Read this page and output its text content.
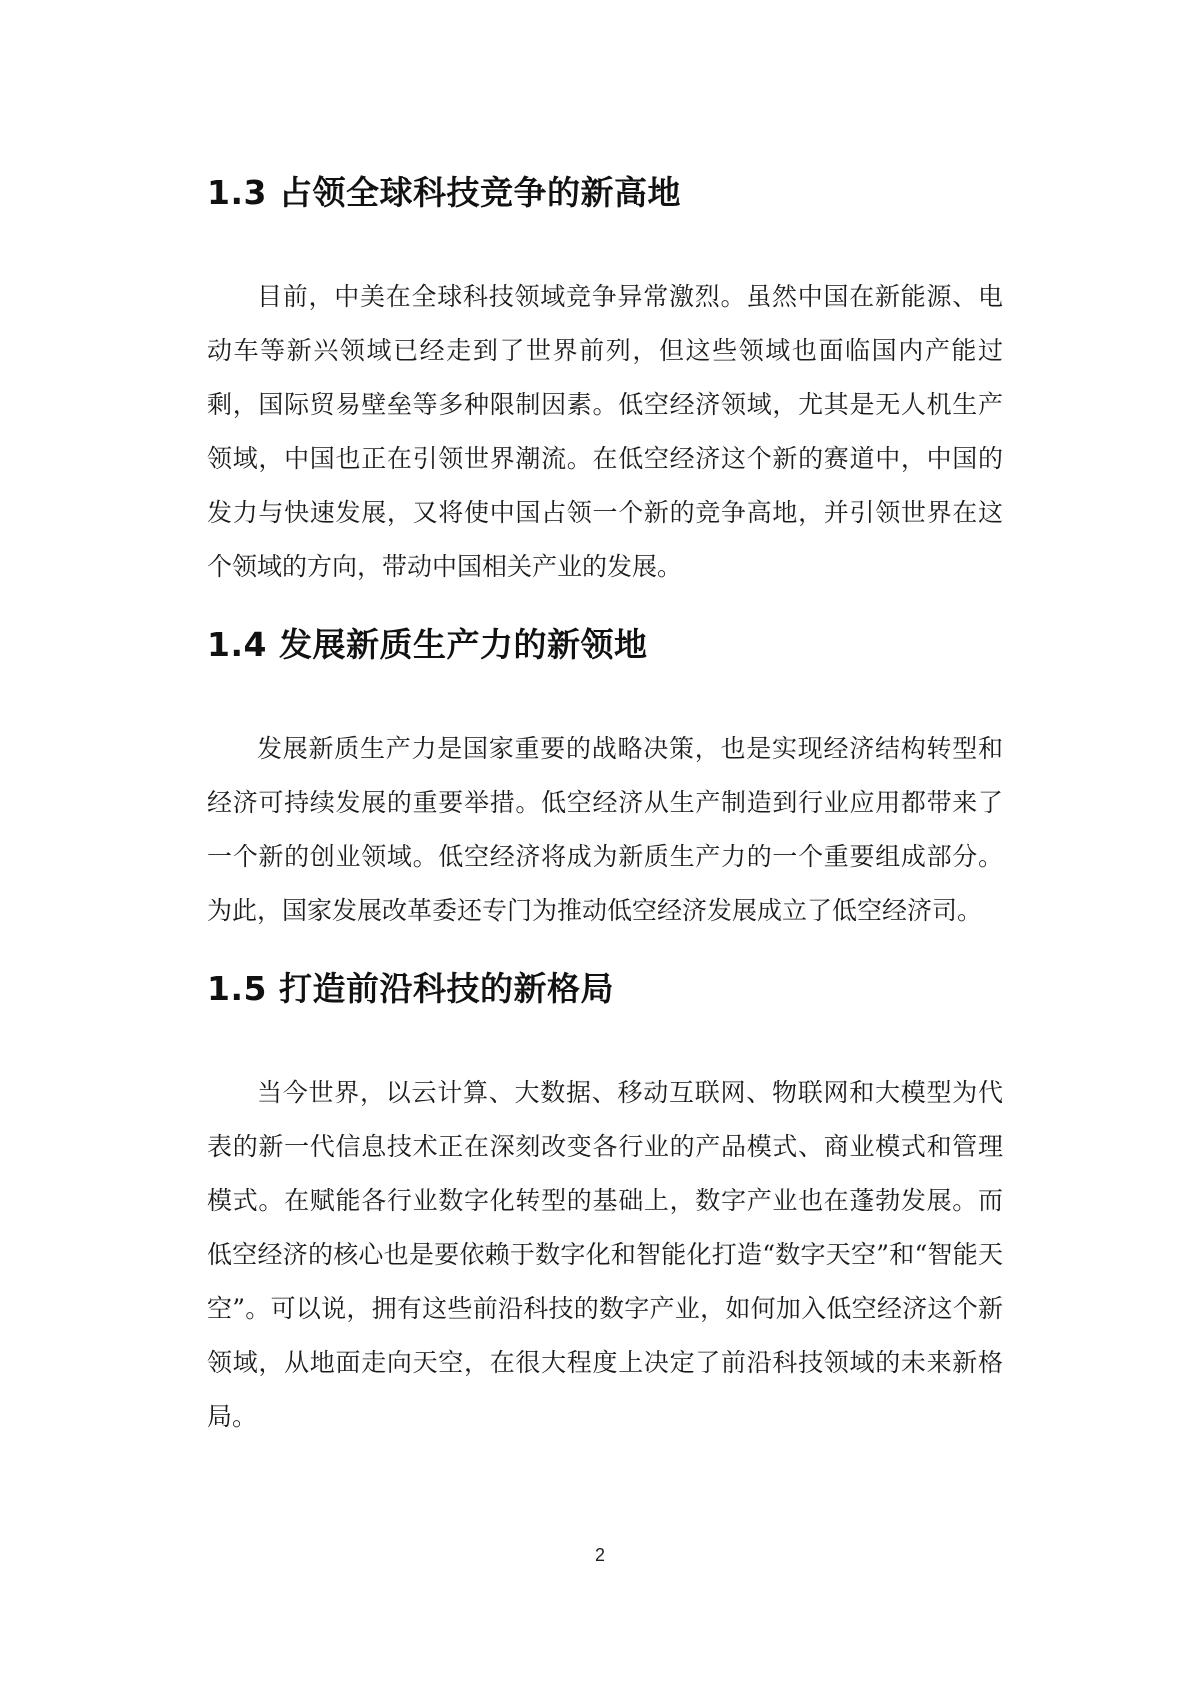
1.3 占领全球科技竞争的新高地

目前，中美在全球科技领域竞争异常激烈。虽然中国在新能源、电动车等新兴领域已经走到了世界前列，但这些领域也面临国内产能过剩，国际贸易壁垒等多种限制因素。低空经济领域，尤其是无人机生产领域，中国也正在引领世界潮流。在低空经济这个新的赛道中，中国的发力与快速发展，又将使中国占领一个新的竞争高地，并引领世界在这个领域的方向，带动中国相关产业的发展。

1.4 发展新质生产力的新领地

发展新质生产力是国家重要的战略决策，也是实现经济结构转型和经济可持续发展的重要举措。低空经济从生产制造到行业应用都带来了一个新的创业领域。低空经济将成为新质生产力的一个重要组成部分。为此，国家发展改革委还专门为推动低空经济发展成立了低空经济司。

1.5 打造前沿科技的新格局

当今世界，以云计算、大数据、移动互联网、物联网和大模型为代表的新一代信息技术正在深刻改变各行业的产品模式、商业模式和管理模式。在赋能各行业数字化转型的基础上，数字产业也在蓬勃发展。而低空经济的核心也是要依赖于数字化和智能化打造“数字天空”和“智能天空”。可以说，拥有这些前沿科技的数字产业，如何加入低空经济这个新领域，从地面走向天空，在很大程度上决定了前沿科技领域的未来新格局。

2
